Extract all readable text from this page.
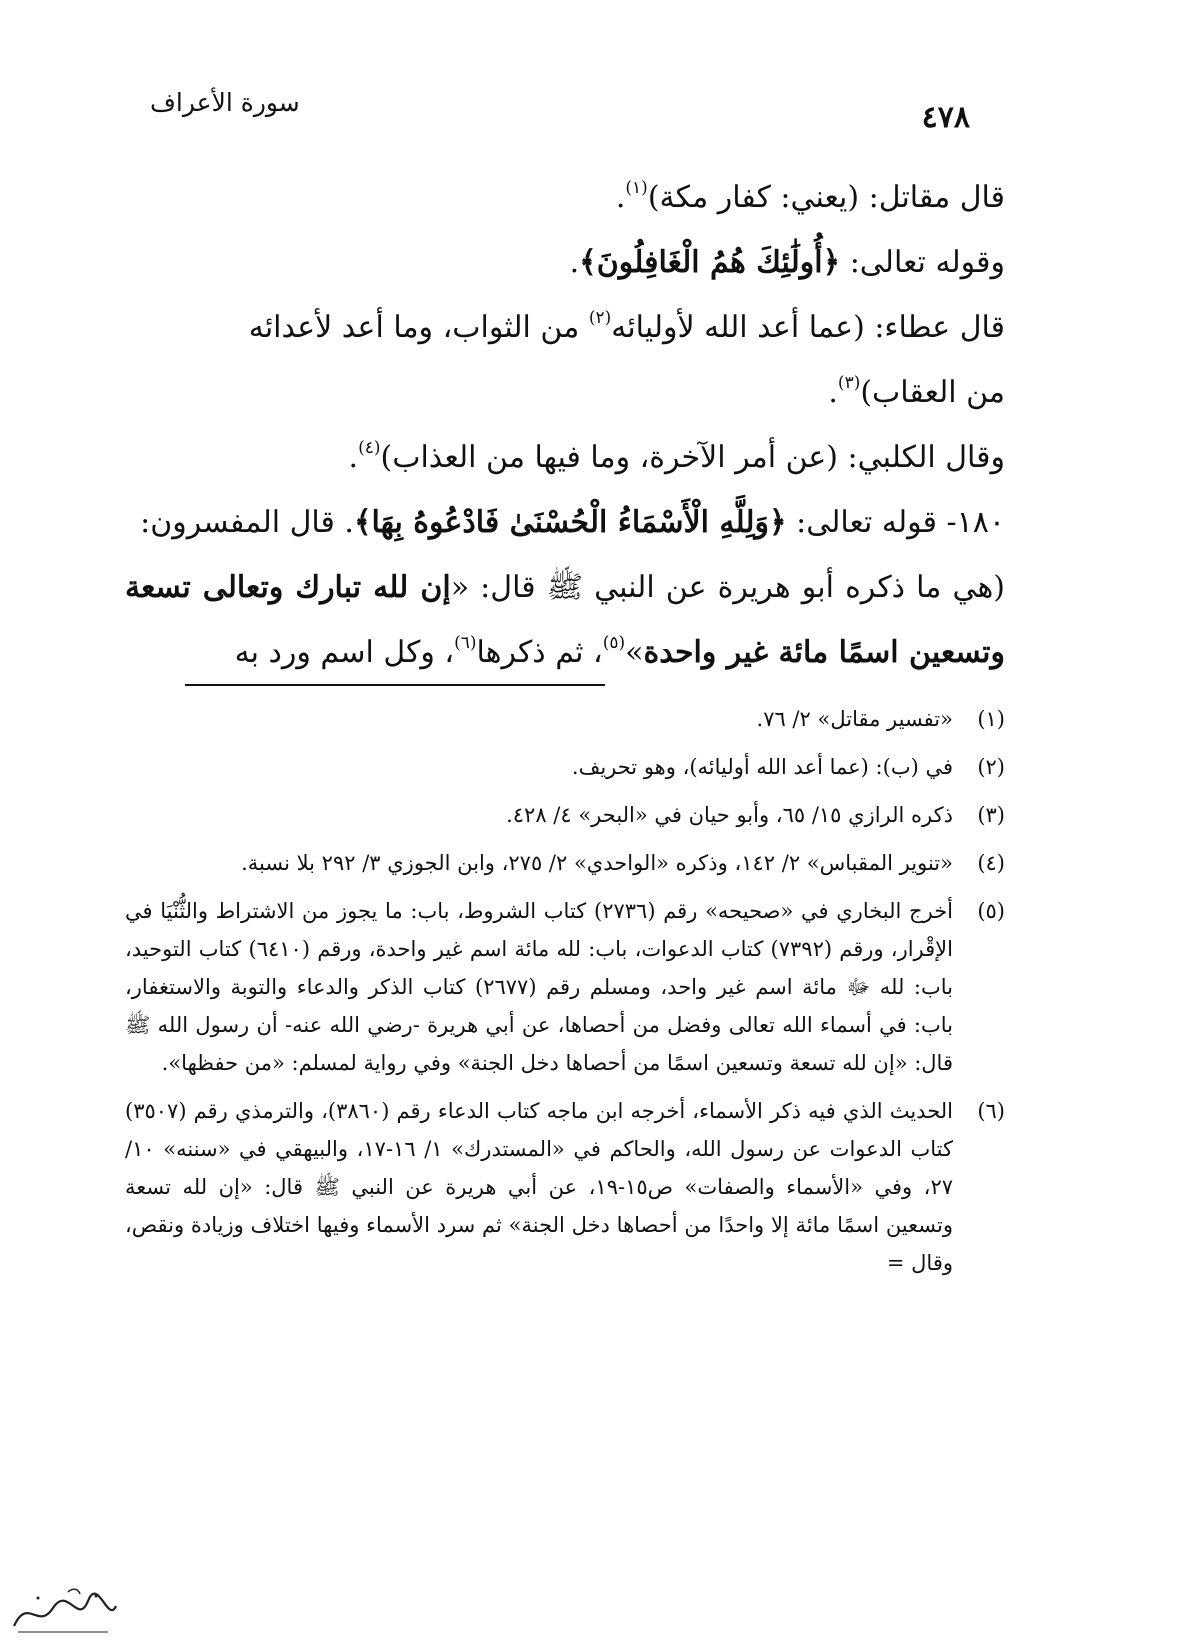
سورة الأعراف	٤٧٨

قال مقاتل: (يعني: كفار مكة)$^{(١)}$.

وقوله تعالى: ﴿أُولَٰئِكَ هُمُ الْغَافِلُونَ﴾.

قال عطاء: (عما أعد الله لأوليائه$^{(٢)}$ من الثواب، وما أعد لأعدائه

من العقاب)$^{(٣)}$.

وقال الكلبي: (عن أمر الآخرة، وما فيها من العذاب)$^{(٤)}$.

١٨٠- قوله تعالى: ﴿وَلِلَّهِ الْأَسْمَاءُ الْحُسْنَىٰ فَادْعُوهُ بِهَا﴾. قال المفسرون:

(هي ما ذكره أبو هريرة عن النبي ﷺ قال: «إن لله تبارك وتعالى تسعة وتسعين اسمًا مائة غير واحدة»$^{(٥)}$، ثم ذكرها$^{(٦)}$، وكل اسم ورد به

(١)
«تفسير مقاتل» ٢/ ٧٦.
(٢)
في (ب): (عما أعد الله أوليائه)، وهو تحريف.
(٣)
ذكره الرازي ١٥/ ٦٥، وأبو حيان في «البحر» ٤/ ٤٢٨.
(٤)
«تنوير المقباس» ٢/ ١٤٢، وذكره «الواحدي» ٢/ ٢٧٥، وابن الجوزي ٣/ ٢٩٢ بلا نسبة.
(٥)
أخرج البخاري في «صحيحه» رقم (٢٧٣٦) كتاب الشروط، باب: ما يجوز من الاشتراط والثُّنْيَا في الإقْرار، ورقم (٧٣٩٢) كتاب الدعوات، باب: لله مائة اسم غير واحدة، ورقم (٦٤١٠) كتاب التوحيد، باب: لله ﷻ مائة اسم غير واحد، ومسلم رقم (٢٦٧٧) كتاب الذكر والدعاء والتوبة والاستغفار، باب: في أسماء الله تعالى وفضل من أحصاها، عن أبي هريرة -رضي الله عنه- أن رسول الله ﷺ قال: «إن لله تسعة وتسعين اسمًا من أحصاها دخل الجنة» وفي رواية لمسلم: «من حفظها».
(٦)
الحديث الذي فيه ذكر الأسماء، أخرجه ابن ماجه كتاب الدعاء رقم (٣٨٦٠)، والترمذي رقم (٣٥٠٧) كتاب الدعوات عن رسول الله، والحاكم في «المستدرك» ١/ ١٦-١٧، والبيهقي في «سننه» ١٠/ ٢٧، وفي «الأسماء والصفات» ص١٥-١٩، عن أبي هريرة عن النبي ﷺ قال: «إن لله تسعة وتسعين اسمًا مائة إلا واحدًا من أحصاها دخل الجنة» ثم سرد الأسماء وفيها اختلاف وزيادة ونقص، وقال =
